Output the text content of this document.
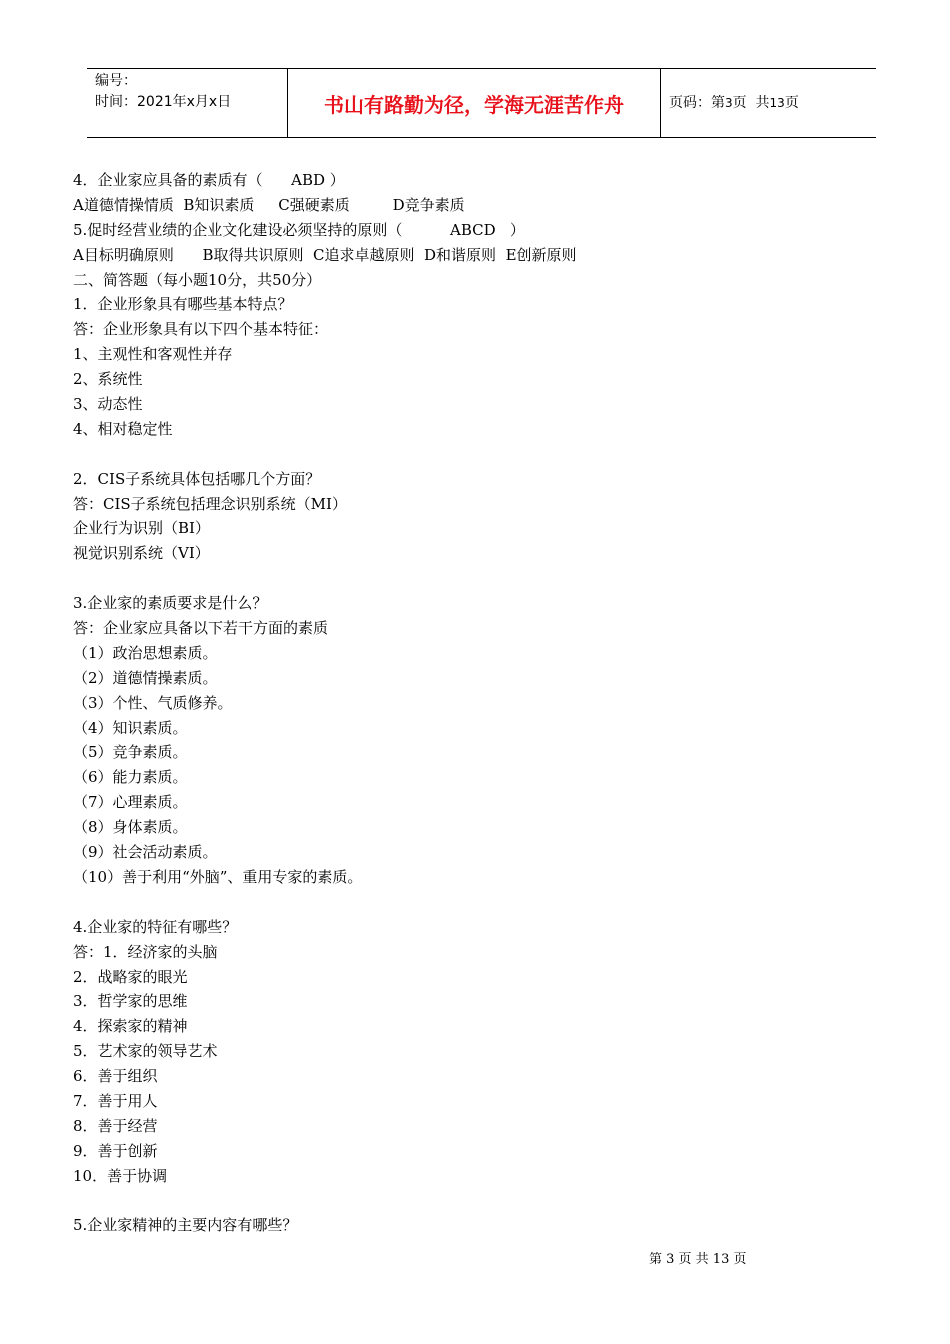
编号：
时间：2021年x月x日	书山有路勤为径，学海无涯苦作舟	页码：第3页  共13页
4．企业家应具备的素质有（      ABD ）
A道德情操情质  B知识素质     C强硬素质         D竞争素质
5.促时经营业绩的企业文化建设必须坚持的原则（          ABCD   ）
A目标明确原则      B取得共识原则  C追求卓越原则  D和谐原则  E创新原则
二、简答题（每小题10分，共50分）
1．企业形象具有哪些基本特点？
答：企业形象具有以下四个基本特征：
1、主观性和客观性并存
2、系统性
3、动态性
4、相对稳定性
2．CIS子系统具体包括哪几个方面？
答：CIS子系统包括理念识别系统（MI）
企业行为识别（BI）
视觉识别系统（VI）
3.企业家的素质要求是什么？
答：企业家应具备以下若干方面的素质
（1）政治思想素质。
（2）道德情操素质。
（3）个性、气质修养。
（4）知识素质。
（5）竞争素质。
（6）能力素质。
（7）心理素质。
（8）身体素质。
（9）社会活动素质。
（10）善于利用“外脑”、重用专家的素质。
4.企业家的特征有哪些？
答：1．经济家的头脑
2．战略家的眼光
3．哲学家的思维
4．探索家的精神
5．艺术家的领导艺术
6．善于组织
7．善于用人
8．善于经营
9．善于创新
10．善于协调
5.企业家精神的主要内容有哪些？
第 3 页 共 13 页
